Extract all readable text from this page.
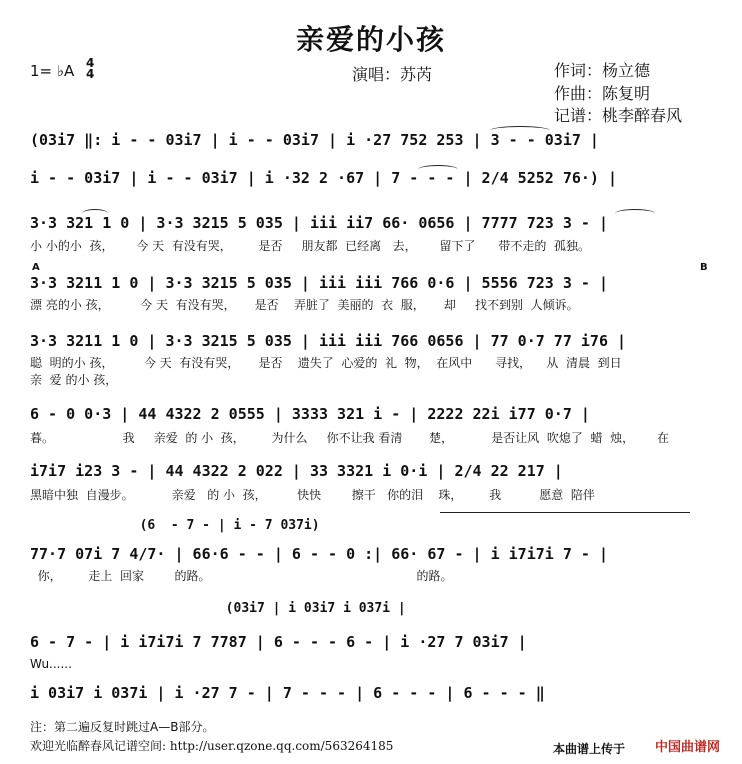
亲爱的小孩
1= ♭A 4
4	演唱：苏芮	作词：杨立德
作曲：陈复明
记谱：桃李醉春风
(03i7 ‖: i - - 03i7 | i - - 03i7 | i ·27 752 253 | 3 - - 03i7 |
i - - 03i7 | i - - 03i7 | i ·32 2 ·67 | 7 - - - | 2/4 5252 76·) |
3·3 321 1 0 | 3·3 3215 5 035 | iii ii7 66· 0656 | 7777 723 3 - |
小 小的小  孩，      今 天  有没有哭，       是否     朋友都  已经离   去，      留下了      带不走的  孤独。
A	B
3·3 3211 1 0 | 3·3 3215 5 035 | iii iii 766 0·6 | 5556 723 3 - |
漂 亮的小 孩，        今 天  有没有哭，     是否    弄脏了  美丽的  衣  服，     却     找不到别  人倾诉。
3·3 3211 1 0 | 3·3 3215 5 035 | iii iii 766 0656 | 77 0·7 77 i76 |
聪  明的小 孩，        今 天  有没有哭，     是否    遗失了  心爱的  礼  物，  在风中      寻找，    从  清晨  到日
亲  爱 的小 孩，
6 - 0 0·3 | 44 4322 2 0555 | 3333 321 i - | 2222 22i i77 0·7 |
暮。                  我     亲爱  的 小  孩，       为什么     你不让我 看清       楚，          是否让风  吹熄了  蜡  烛，      在
i7i7 i23 3 - | 44 4322 2 022 | 33 3321 i 0·i | 2/4 22 217 |
黑暗中独  自漫步。          亲爱   的 小  孩，        快快        擦干   你的泪    珠，       我          愿意  陪伴
(6  - 7 - | i - 7 037i)
77·7 07i 7 4/7· | 66·6 - - | 6 - - 0 :| 66· 67 - | i i7i7i 7 - |
你，       走上  回家        的路。                                                      的路。
(03i7 | i 03i7 i 037i |
6 - 7 - | i i7i7i 7 7787 | 6 - - - 6 - | i ·27 7 03i7 |
Wu......
i 03i7 i 037i | i ·27 7 - | 7 - - - | 6 - - - | 6 - - - ‖
注：第二遍反复时跳过A—B部分。
欢迎光临醉春风记谱空间: http://user.qzone.qq.com/563264185	本曲谱上传于 中国曲谱网
